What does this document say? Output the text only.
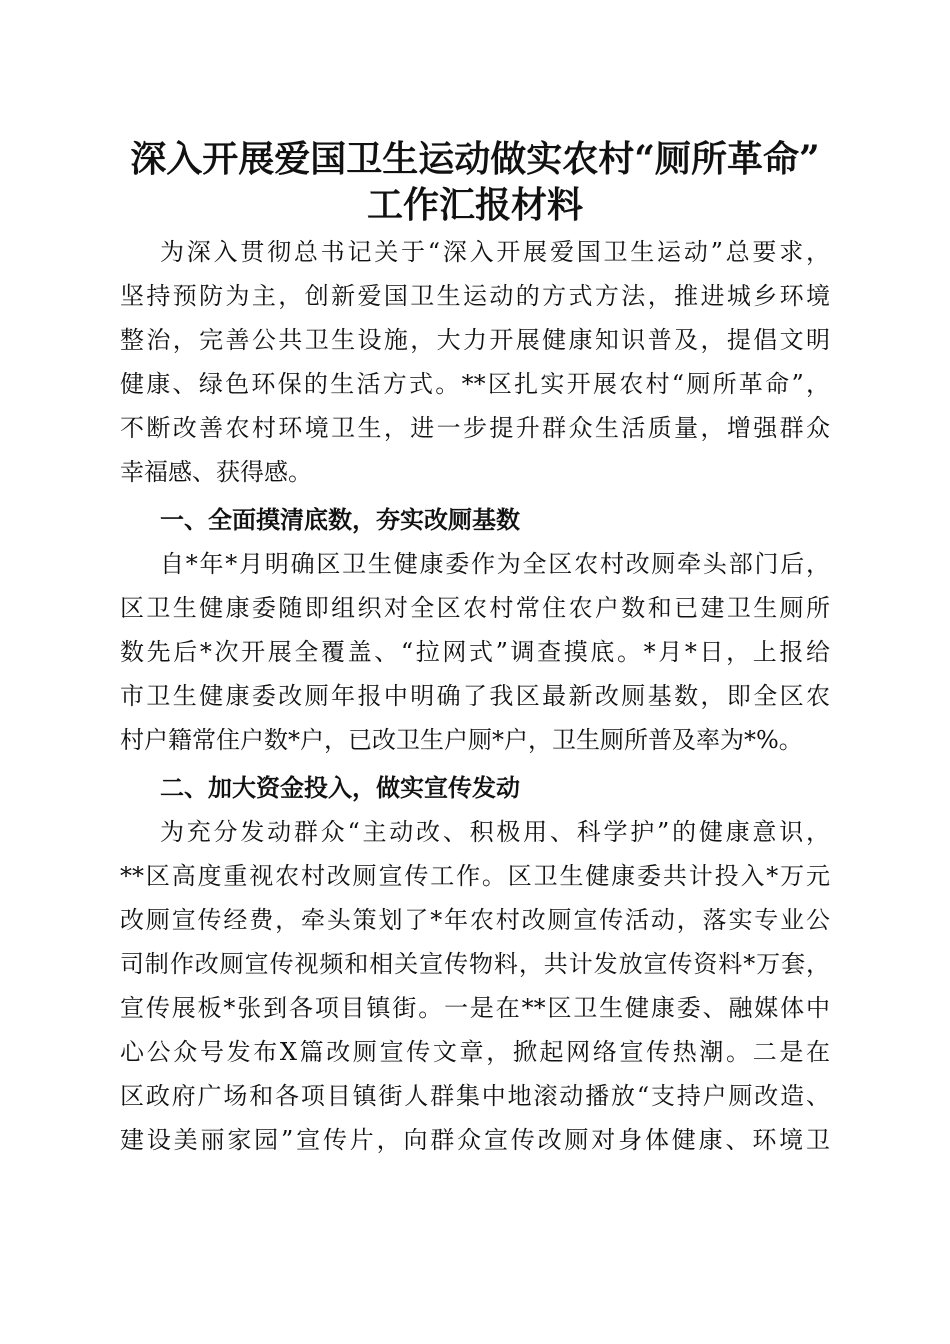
深入开展爱国卫生运动做实农村“厕所革命”
工作汇报材料
为深入贯彻总书记关于“深入开展爱国卫生运动”总要求，
坚持预防为主，创新爱国卫生运动的方式方法，推进城乡环境
整治，完善公共卫生设施，大力开展健康知识普及，提倡文明
健康、绿色环保的生活方式。**区扎实开展农村“厕所革命”，
不断改善农村环境卫生，进一步提升群众生活质量，增强群众
幸福感、获得感。
一、全面摸清底数，夯实改厕基数
自*年*月明确区卫生健康委作为全区农村改厕牵头部门后，
区卫生健康委随即组织对全区农村常住农户数和已建卫生厕所
数先后*次开展全覆盖、“拉网式”调查摸底。*月*日，上报给
市卫生健康委改厕年报中明确了我区最新改厕基数，即全区农
村户籍常住户数*户，已改卫生户厕*户，卫生厕所普及率为*%。
二、加大资金投入，做实宣传发动
为充分发动群众“主动改、积极用、科学护”的健康意识，
**区高度重视农村改厕宣传工作。区卫生健康委共计投入*万元
改厕宣传经费，牵头策划了*年农村改厕宣传活动，落实专业公
司制作改厕宣传视频和相关宣传物料，共计发放宣传资料*万套，
宣传展板*张到各项目镇街。一是在**区卫生健康委、融媒体中
心公众号发布X篇改厕宣传文章，掀起网络宣传热潮。二是在
区政府广场和各项目镇街人群集中地滚动播放“支持户厕改造、
建设美丽家园”宣传片，向群众宣传改厕对身体健康、环境卫
